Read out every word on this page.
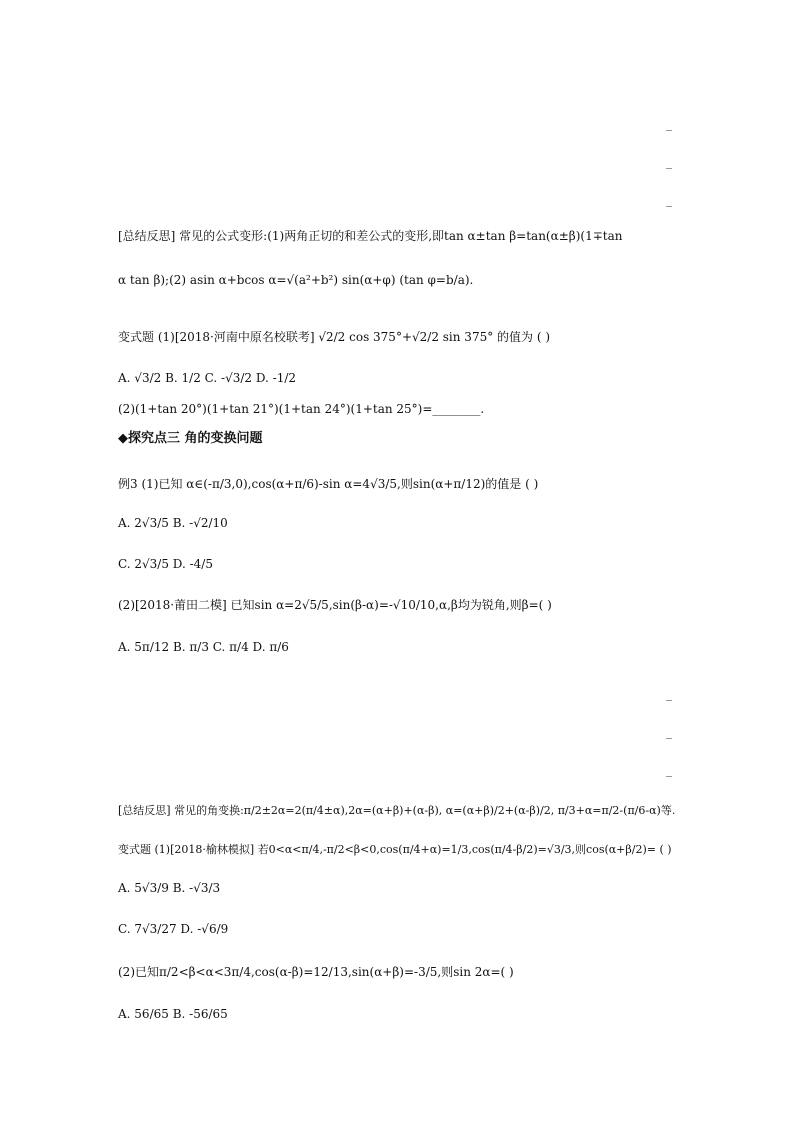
[总结反思] 常见的公式变形:(1)两角正切的和差公式的变形,即tan α±tan β=tan(α±β)(1∓tan
α tan β);(2) asin α+bcos α=√(a²+b²) sin(α+φ) (tan φ=b/a).
变式题 (1)[2018·河南中原名校联考] √2/2 cos 375°+√2/2 sin 375° 的值为 ( )
A. √3/2 B. 1/2 C. -√3/2 D. -1/2
(2)(1+tan 20°)(1+tan 21°)(1+tan 24°)(1+tan 25°)=________.
◆探究点三 角的变换问题
例3 (1)已知 α∈(-π/3,0),cos(α+π/6)-sin α=4√3/5,则sin(α+π/12)的值是 ( )
A. 2√3/5 B. -√2/10
C. 2√3/5 D. -4/5
(2)[2018·莆田二模] 已知sin α=2√5/5,sin(β-α)=-√10/10,α,β均为锐角,则β=( )
A. 5π/12 B. π/3 C. π/4 D. π/6
[总结反思] 常见的角变换:π/2±2α=2(π/4±α),2α=(α+β)+(α-β), α=(α+β)/2+(α-β)/2, π/3+α=π/2-(π/6-α)等.
变式题 (1)[2018·榆林模拟] 若0<α<π/4,-π/2<β<0,cos(π/4+α)=1/3,cos(π/4-β/2)=√3/3,则cos(α+β/2)= ( )
A. 5√3/9 B. -√3/3
C. 7√3/27 D. -√6/9
(2)已知π/2<β<α<3π/4,cos(α-β)=12/13,sin(α+β)=-3/5,则sin 2α=( )
A. 56/65 B. -56/65
